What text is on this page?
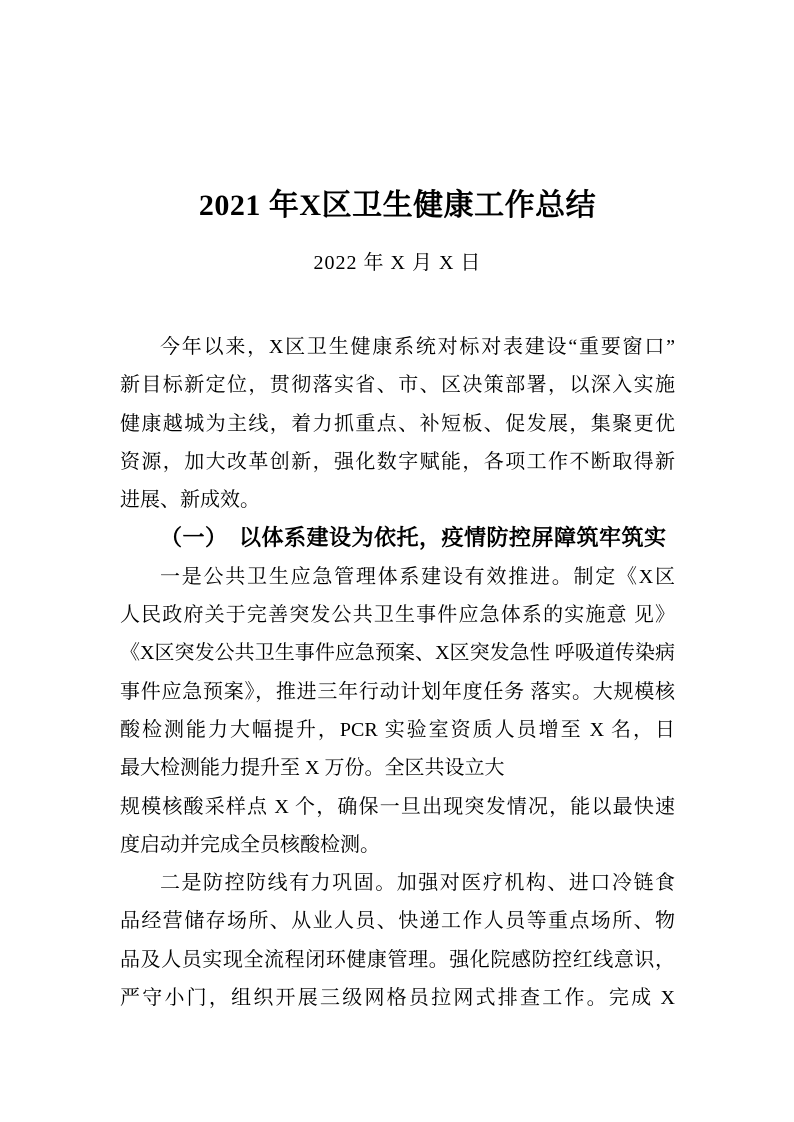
2021 年X区卫生健康工作总结
2022 年 X 月 X 日
今年以来，X区卫生健康系统对标对表建设“重要窗口”
新目标新定位，贯彻落实省、市、区决策部署，以深入实施
健康越城为主线，着力抓重点、补短板、促发展，集聚更优
资源，加大改革创新，强化数字赋能，各项工作不断取得新
进展、新成效。
（一）　以体系建设为依托，疫情防控屏障筑牢筑实
一是公共卫生应急管理体系建设有效推进。制定《X区
人民政府关于完善突发公共卫生事件应急体系的实施意 见》
《X区突发公共卫生事件应急预案、X区突发急性 呼吸道传染病
事件应急预案》，推进三年行动计划年度任务 落实。大规模核
酸检测能力大幅提升，PCR 实验室资质人员增至 X 名，日
最大检测能力提升至 X 万份。全区共设立大
规模核酸采样点 X 个，确保一旦出现突发情况，能以最快速
度启动并完成全员核酸检测。
二是防控防线有力巩固。加强对医疗机构、进口冷链食
品经营储存场所、从业人员、快递工作人员等重点场所、物
品及人员实现全流程闭环健康管理。强化院感防控红线意识，
严守小门，组织开展三级网格员拉网式排查工作。完成 X
